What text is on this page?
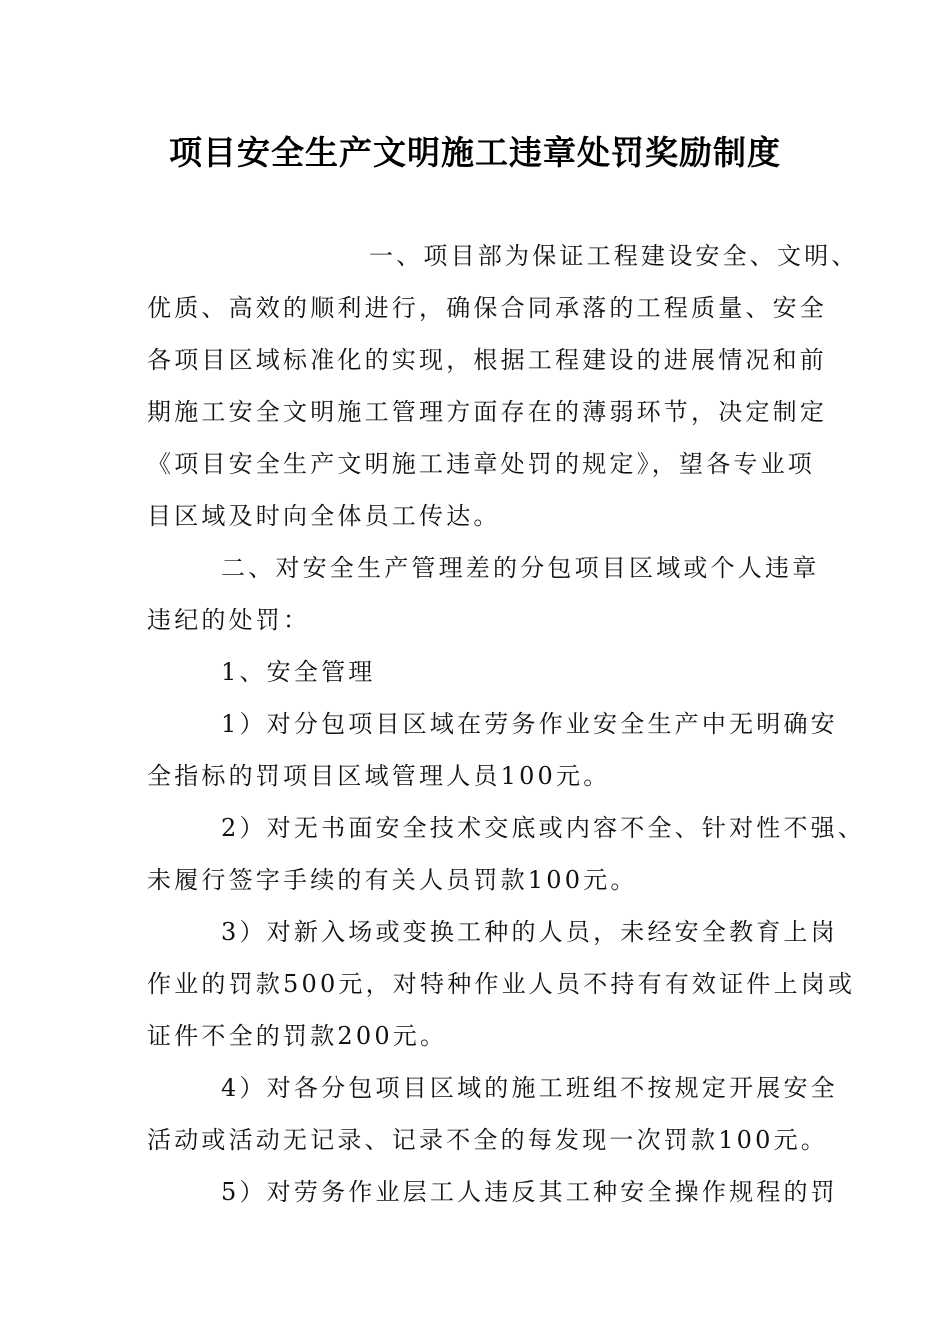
项目安全生产文明施工违章处罚奖励制度
一、项目部为保证工程建设安全、文明、
优质、高效的顺利进行，确保合同承落的工程质量、安全
各项目区域标准化的实现，根据工程建设的进展情况和前
期施工安全文明施工管理方面存在的薄弱环节，决定制定
《项目安全生产文明施工违章处罚的规定》，望各专业项
目区域及时向全体员工传达。
二、对安全生产管理差的分包项目区域或个人违章
违纪的处罚：
1、安全管理
1）对分包项目区域在劳务作业安全生产中无明确安
全指标的罚项目区域管理人员100元。
2）对无书面安全技术交底或内容不全、针对性不强、
未履行签字手续的有关人员罚款100元。
3）对新入场或变换工种的人员，未经安全教育上岗
作业的罚款500元，对特种作业人员不持有有效证件上岗或
证件不全的罚款200元。
4）对各分包项目区域的施工班组不按规定开展安全
活动或活动无记录、记录不全的每发现一次罚款100元。
5）对劳务作业层工人违反其工种安全操作规程的罚
